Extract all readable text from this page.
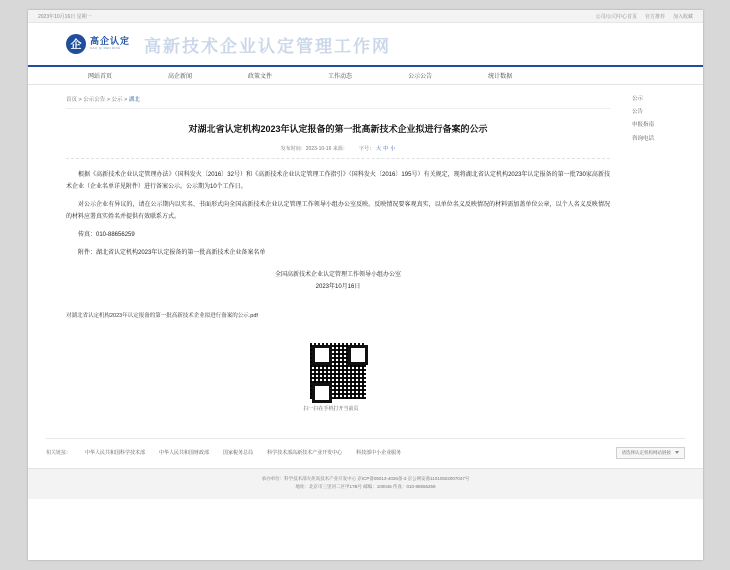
2023年10月16日 星期一	公司/公司中心首页 官方推荐 加入收藏
企 高企认定
GAO QI REN DING	高新技术企业认定管理工作网
网站首页	高企新闻	政策文件	工作动态	公示公告	统计数据
首页 > 公示公告 > 公示 > 湖北
对湖北省认定机构2023年认定报备的第一批高新技术企业拟进行备案的公示
发布时间：2023-10-16 来源： 字号： 大 中 小

根据《高新技术企业认定管理办法》（国科发火〔2016〕32号）和《高新技术企业认定管理工作指引》（国科发火〔2016〕195号）有关规定，现将湖北省认定机构2023年认定报备的第一批730家高新技术企业（企业名单详见附件）进行备案公示。公示期为10个工作日。

对公示企业有异议的，请在公示期内以实名、书面形式向全国高新技术企业认定管理工作领导小组办公室反映。反映情况要客观真实，以单位名义反映情况的材料需加盖单位公章，以个人名义反映情况的材料应署真实姓名并提供有效联系方式。

传真：010-88656259

附件：湖北省认定机构2023年认定报备的第一批高新技术企业备案名单

全国高新技术企业认定管理工作领导小组办公室
2023年10月16日
对湖北省认定机构2023年认定报备的第一批高新技术企业拟进行备案的公示.pdf
扫一扫在手机打开当前页
公示
公告
申报指南
咨询电话
相关链接：	中华人民共和国科学技术部	中华人民共和国财政部	国家税务总局	科学技术部高新技术产业开发中心	科技部中小企业服务	请选择认定机构网站链接
承办单位：科学技术部火炬高技术产业开发中心 京ICP备05013-4026备-3 京公网安备11010502007047号
地址：北京市三里河二区甲17B号 邮编：100045 传真：010-88656259
